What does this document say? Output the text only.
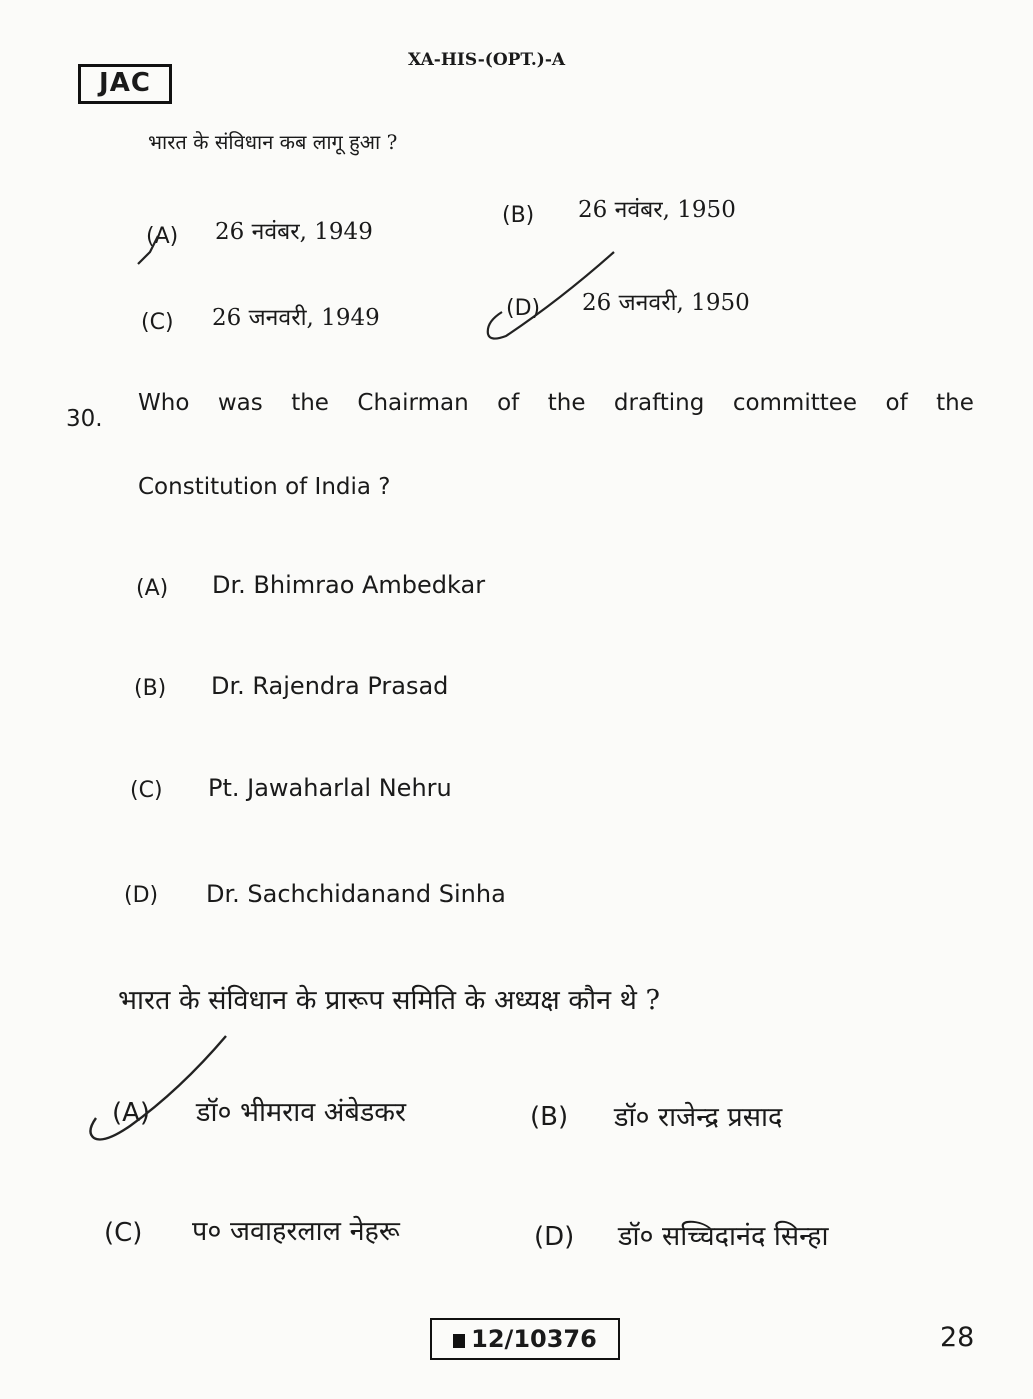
JAC
XA-HIS-(OPT.)-A
भारत के संविधान कब लागू हुआ ?
(A) 26 नवंबर, 1949
(B) 26 नवंबर, 1950
(C) 26 जनवरी, 1949	(D) 26 जनवरी, 1950
30.
Who was the Chairman of the drafting committee of the
Constitution of India ?
(A) Dr. Bhimrao Ambedkar
(B) Dr. Rajendra Prasad
(C) Pt. Jawaharlal Nehru
(D) Dr. Sachchidanand Sinha
भारत के संविधान के प्रारूप समिति के अध्यक्ष कौन थे ?
(A) डॉ० भीमराव अंबेडकर	(B) डॉ० राजेन्द्र प्रसाद
(C) प० जवाहरलाल नेहरू	(D) डॉ० सच्चिदानंद सिन्हा
12/10376	28
